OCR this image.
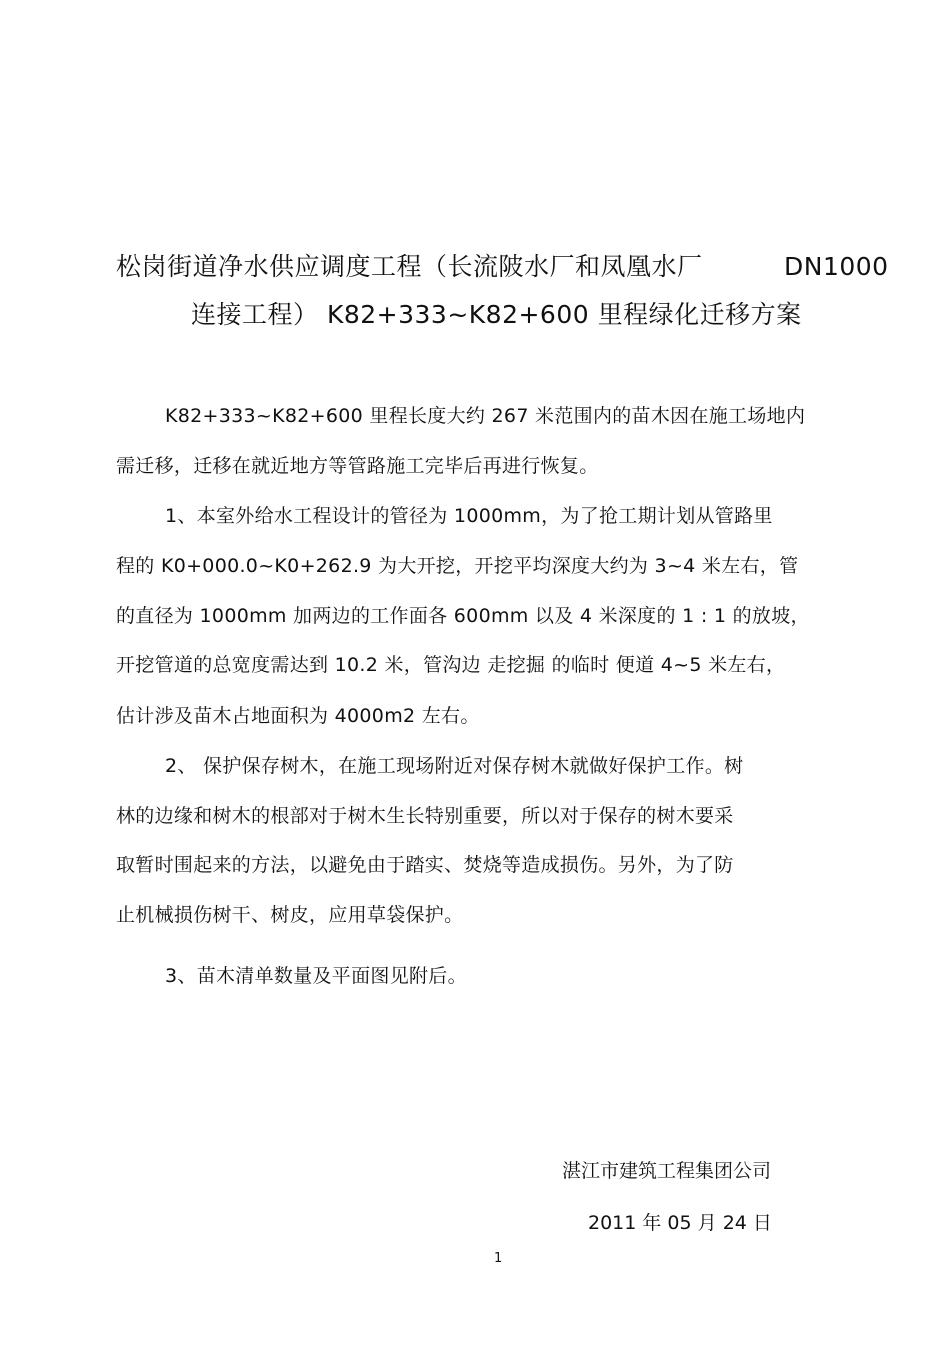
松岗街道净水供应调度工程（长流陂水厂和凤凰水厂	DN1000
连接工程） K82+333~K82+600 里程绿化迁移方案
K82+333~K82+600 里程长度大约 267 米范围内的苗木因在施工场地内
需迁移，迁移在就近地方等管路施工完毕后再进行恢复。
1、本室外给水工程设计的管径为 1000mm，为了抢工期计划从管路里
程的 K0+000.0~K0+262.9 为大开挖，开挖平均深度大约为 3~4 米左右，管
的直径为 1000mm 加两边的工作面各 600mm 以及 4 米深度的 1 : 1 的放坡，
开挖管道的总宽度需达到 10.2 米，管沟边 走挖掘 的临时 便道 4~5 米左右，
估计涉及苗木占地面积为 4000m2 左右。
2、 保护保存树木，在施工现场附近对保存树木就做好保护工作。树
林的边缘和树木的根部对于树木生长特别重要，所以对于保存的树木要采
取暂时围起来的方法，以避免由于踏实、焚烧等造成损伤。另外，为了防
止机械损伤树干、树皮，应用草袋保护。
3、苗木清单数量及平面图见附后。
湛江市建筑工程集团公司
2011 年 05 月 24 日
1
